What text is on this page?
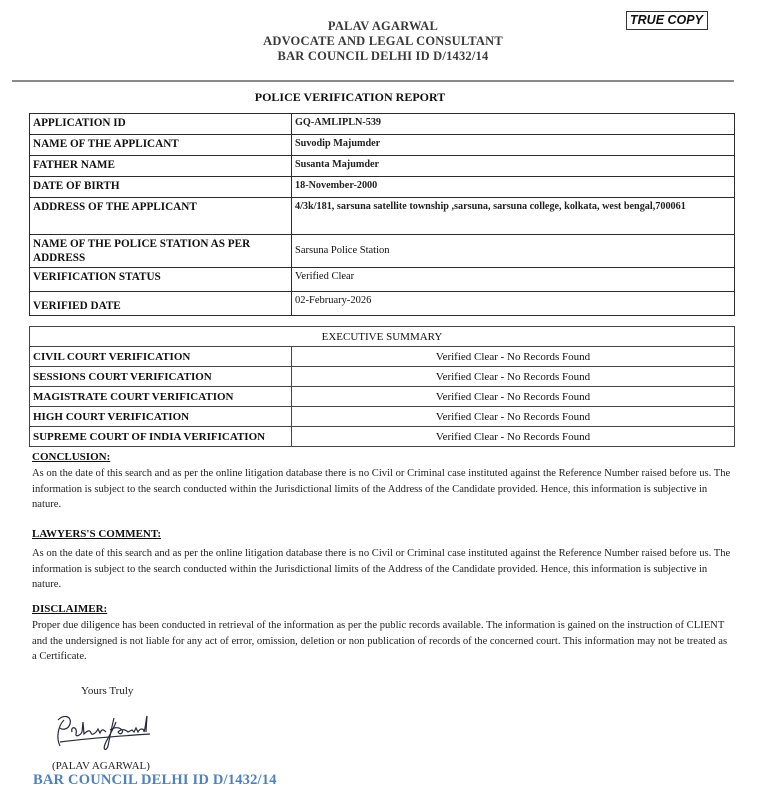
PALAV AGARWAL
ADVOCATE AND LEGAL CONSULTANT
BAR COUNCIL DELHI ID D/1432/14
TRUE COPY
POLICE VERIFICATION REPORT
APPLICATION ID	GQ-AMLIPLN-539
NAME OF THE APPLICANT	Suvodip Majumder
FATHER NAME	Susanta Majumder
DATE OF BIRTH	18-November-2000
ADDRESS OF THE APPLICANT	4/3k/181, sarsuna satellite township ,sarsuna, sarsuna college, kolkata, west bengal,700061
NAME OF THE POLICE STATION AS PER ADDRESS	Sarsuna Police Station
VERIFICATION STATUS	Verified Clear
VERIFIED DATE	02-February-2026
EXECUTIVE SUMMARY	
CIVIL COURT VERIFICATION	Verified Clear - No Records Found
SESSIONS COURT VERIFICATION	Verified Clear - No Records Found
MAGISTRATE COURT VERIFICATION	Verified Clear - No Records Found
HIGH COURT VERIFICATION	Verified Clear - No Records Found
SUPREME COURT OF INDIA VERIFICATION	Verified Clear - No Records Found
CONCLUSION:
As on the date of this search and as per the online litigation database there is no Civil or Criminal case instituted against the Reference Number raised before us. The information is subject to the search conducted within the Jurisdictional limits of the Address of the Candidate provided. Hence, this information is subjective in nature.
LAWYERS'S COMMENT:
As on the date of this search and as per the online litigation database there is no Civil or Criminal case instituted against the Reference Number raised before us. The information is subject to the search conducted within the Jurisdictional limits of the Address of the Candidate provided. Hence, this information is subjective in nature.
DISCLAIMER:
Proper due diligence has been conducted in retrieval of the information as per the public records available. The information is gained on the instruction of CLIENT and the undersigned is not liable for any act of error, omission, deletion or non publication of records of the concerned court. This information may not be treated as a Certificate.
Yours Truly
(PALAV AGARWAL)
BAR COUNCIL DELHI ID D/1432/14
